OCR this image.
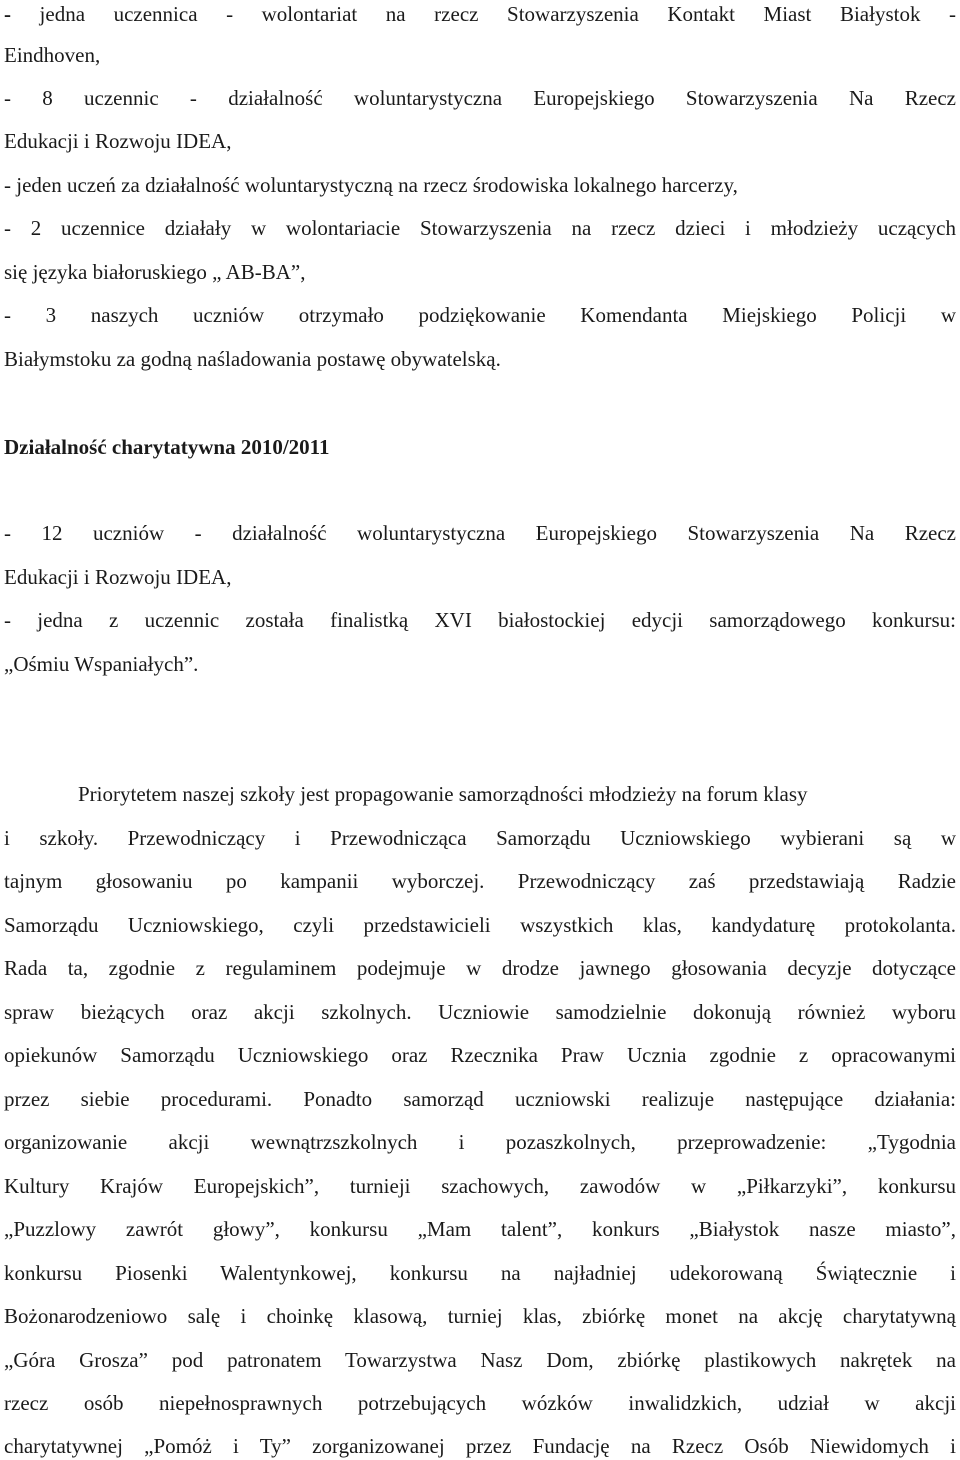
- jedna uczennica - wolontariat na rzecz Stowarzyszenia Kontakt Miast Białystok -
Eindhoven,
- 8 uczennic - działalność woluntarystyczna Europejskiego Stowarzyszenia Na Rzecz
Edukacji i Rozwoju IDEA,
- jeden uczeń za działalność woluntarystyczną na rzecz środowiska lokalnego harcerzy,
- 2 uczennice działały w wolontariacie Stowarzyszenia na rzecz dzieci i młodzieży uczących
się języka białoruskiego „ AB-BA”,
- 3 naszych uczniów otrzymało podziękowanie Komendanta Miejskiego Policji w
Białymstoku za godną naśladowania postawę obywatelską.
Działalność charytatywna 2010/2011
- 12 uczniów - działalność woluntarystyczna Europejskiego Stowarzyszenia Na Rzecz
Edukacji i Rozwoju IDEA,
- jedna z uczennic została finalistką XVI białostockiej edycji samorządowego konkursu:
„Ośmiu Wspaniałych”.
Priorytetem naszej szkoły jest propagowanie samorządności młodzieży na forum klasy
i szkoły. Przewodniczący i Przewodnicząca Samorządu Uczniowskiego wybierani są w
tajnym głosowaniu po kampanii wyborczej. Przewodniczący zaś przedstawiają Radzie
Samorządu Uczniowskiego, czyli przedstawicieli wszystkich klas, kandydaturę protokolanta.
Rada ta, zgodnie z regulaminem podejmuje w drodze jawnego głosowania decyzje dotyczące
spraw bieżących oraz akcji szkolnych. Uczniowie samodzielnie dokonują również wyboru
opiekunów Samorządu Uczniowskiego oraz Rzecznika Praw Ucznia zgodnie z opracowanymi
przez siebie procedurami. Ponadto samorząd uczniowski realizuje następujące działania:
organizowanie akcji wewnątrzszkolnych i pozaszkolnych, przeprowadzenie: „Tygodnia
Kultury Krajów Europejskich”, turnieji szachowych, zawodów w „Piłkarzyki”, konkursu
„Puzzlowy zawrót głowy”, konkursu „Mam talent”, konkurs „Białystok nasze miasto”,
konkursu Piosenki Walentynkowej, konkursu na najładniej udekorowaną Świątecznie i
Bożonarodzeniowo salę i choinkę klasową, turniej klas, zbiórkę monet na akcję charytatywną
„Góra Grosza” pod patronatem Towarzystwa Nasz Dom, zbiórkę plastikowych nakrętek na
rzecz osób niepełnosprawnych potrzebujących wózków inwalidzkich, udział w akcji
charytatywnej „Pomóż i Ty” zorganizowanej przez Fundację na Rzecz Osób Niewidomych i
